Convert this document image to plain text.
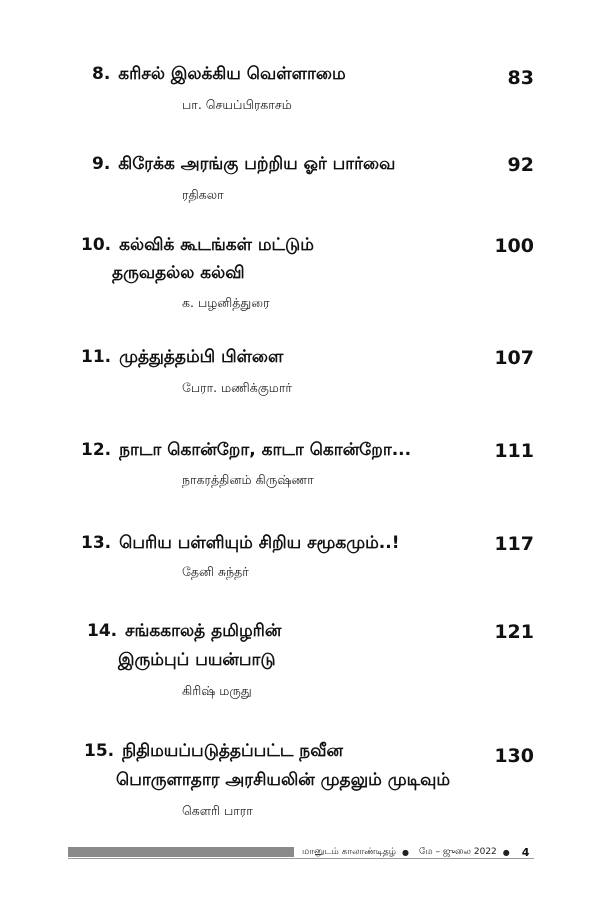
8. கரிசல் இலக்கிய வெள்ளாமை
பா. செயப்பிரகாசம்
83
9. கிரேக்க அரங்கு பற்றிய ஓர் பார்வை
ரதிகலா
92
10. கல்விக் கூடங்கள் மட்டும்
தருவதல்ல கல்வி
க. பழனித்துரை
100
11. முத்துத்தம்பி பிள்ளை
பேரா. மணிக்குமார்
107
12. நாடா கொன்றோ, காடா கொன்றோ...
நாகரத்தினம் கிருஷ்ணா
111
13. பெரிய பள்ளியும் சிறிய சமூகமும்..!
தேனி சுந்தர்
117
14. சங்ககாலத் தமிழரின்
இரும்புப் பயன்பாடு
கிரிஷ் மருது
121
15. நிதிமயப்படுத்தப்பட்ட நவீன
பொருளாதார அரசியலின் முதலும் முடிவும்
கௌரி பாரா
130
மானுடம் காலாண்டிதழ் ● மே – ஜுலை 2022 ● 4
